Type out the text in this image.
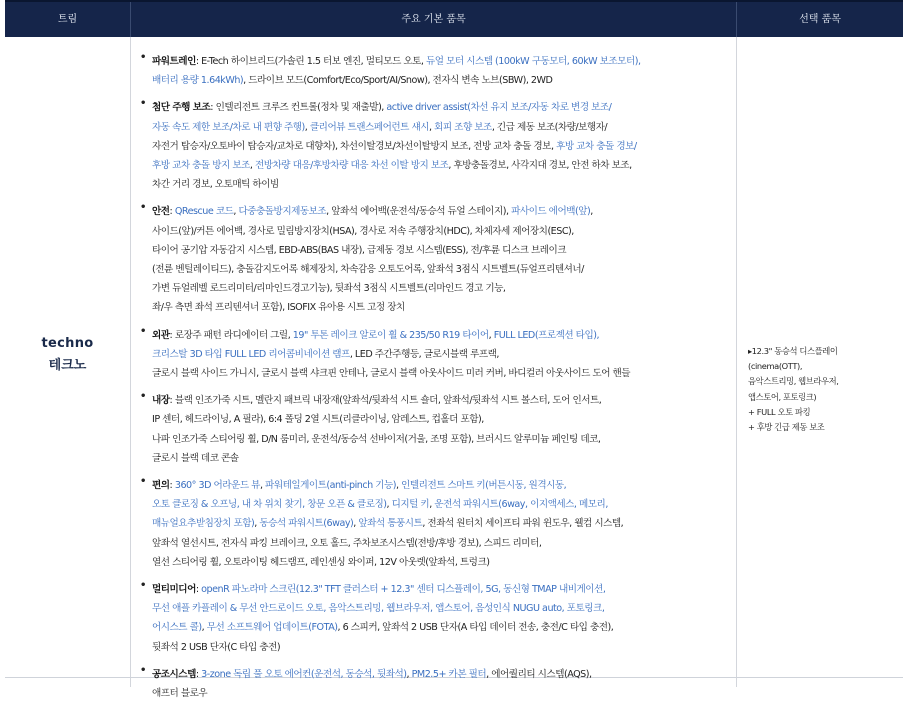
트림	주요 기본 품목	선택 품목
techno
테크노
• 파워트레인: E-Tech 하이브리드(가솔린 1.5 터보 엔진, 멀티모드 오토, 듀얼 모터 시스템 (100kW 구동모터, 60kW 보조모터),

배터리 용량 1.64kWh), 드라이브 모드(Comfort/Eco/Sport/AI/Snow), 전자식 변속 노브(SBW), 2WD

• 첨단 주행 보조: 인텔리전트 크루즈 컨트롤(정차 및 재출발), active driver assist(차선 유지 보조/자동 차로 변경 보조/

자동 속도 제한 보조/차로 내 편향 주행), 클리어뷰 트랜스페어런트 섀시, 회피 조향 보조, 긴급 제동 보조(차량/보행자/

자전거 탑승자/오토바이 탑승자/교차로 대향차), 차선이탈경보/차선이탈방지 보조, 전방 교차 충돌 경보, 후방 교차 충돌 경보/

후방 교차 충돌 방지 보조, 전방차량 대응/후방차량 대응 차선 이탈 방지 보조, 후방충돌경보, 사각지대 경보, 안전 하차 보조,

차간 거리 경보, 오토매틱 하이빔

• 안전: QRescue 코드, 다중충돌방지제동보조, 앞좌석 에어백(운전석/동승석 듀얼 스테이지), 파사이드 에어백(앞),

사이드(앞)/커튼 에어백, 경사로 밀림방지장치(HSA), 경사로 저속 주행장치(HDC), 차체자세 제어장치(ESC),

타이어 공기압 자동감지 시스템, EBD-ABS(BAS 내장), 급제동 경보 시스템(ESS), 전/후륜 디스크 브레이크

(전륜 벤틸레이티드), 충돌감지도어록 해제장치, 차속감응 오토도어록, 앞좌석 3점식 시트벨트(듀얼프리텐셔너/

가변 듀얼레벨 로드리미터/리마인드경고기능), 뒷좌석 3점식 시트벨트(리마인드 경고 기능,

좌/우 측면 좌석 프리텐셔너 포함), ISOFIX 유아용 시트 고정 장치

• 외관: 로장주 패턴 라디에이터 그릴, 19" 투톤 레이크 알로이 휠 & 235/50 R19 타이어, FULL LED(프로젝션 타입),

크리스탈 3D 타입 FULL LED 리어콤비네이션 램프, LED 주간주행등, 글로시블랙 루프랙,

글로시 블랙 사이드 가니시, 글로시 블랙 샤크핀 안테나, 글로시 블랙 아웃사이드 미러 커버, 바디컬러 아웃사이드 도어 핸들

• 내장: 블랙 인조가죽 시트, 멜란지 패브릭 내장재(앞좌석/뒷좌석 시트 숄더, 앞좌석/뒷좌석 시트 볼스터, 도어 인서트,

IP 센터, 헤드라이닝, A 필라), 6:4 폴딩 2열 시트(리클라이닝, 암레스트, 컵홀더 포함),

나파 인조가죽 스티어링 휠, D/N 룸미러, 운전석/동승석 선바이저(거울, 조명 포함), 브러시드 알루미늄 페인팅 데코,

글로시 블랙 데코 콘솔

• 편의: 360° 3D 어라운드 뷰, 파워테일게이트(anti-pinch 기능), 인텔리전트 스마트 키(버튼시동, 원격시동,

오토 클로징 & 오프닝, 내 차 위치 찾기, 창문 오픈 & 클로징), 디지털 키, 운전석 파워시트(6way, 이지액세스, 메모리,

매뉴얼요추받침장치 포함), 동승석 파워시트(6way), 앞좌석 통풍시트, 전좌석 원터치 세이프티 파워 윈도우, 웰컴 시스템,

앞좌석 열선시트, 전자식 파킹 브레이크, 오토 홀드, 주차보조시스템(전방/후방 경보), 스피드 리미터,

열선 스티어링 휠, 오토라이팅 헤드램프, 레인센싱 와이퍼, 12V 아웃렛(앞좌석, 트렁크)

• 멀티미디어: openR 파노라마 스크린(12.3" TFT 클러스터 + 12.3" 센터 디스플레이, 5G, 동신형 TMAP 내비게이션,

무선 애플 카플레이 & 무선 안드로이드 오토, 음악스트리밍, 웹브라우저, 앱스토어, 음성인식 NUGU auto, 포토링크,

어시스트 콜), 무선 소프트웨어 업데이트(FOTA), 6 스피커, 앞좌석 2 USB 단자(A 타입 데이터 전송, 충전/C 타입 충전),

뒷좌석 2 USB 단자(C 타입 충전)

• 공조시스템: 3-zone 독립 풀 오토 에어컨(운전석, 동승석, 뒷좌석), PM2.5+ 카본 필터, 에어퀄리티 시스템(AQS),

애프터 블로우

▸12.3" 동승석 디스플레이

(cinema(OTT),

음악스트리밍, 웹브라우저,

앱스토어, 포토링크)

+ FULL 오토 파킹

+ 후방 긴급 제동 보조
